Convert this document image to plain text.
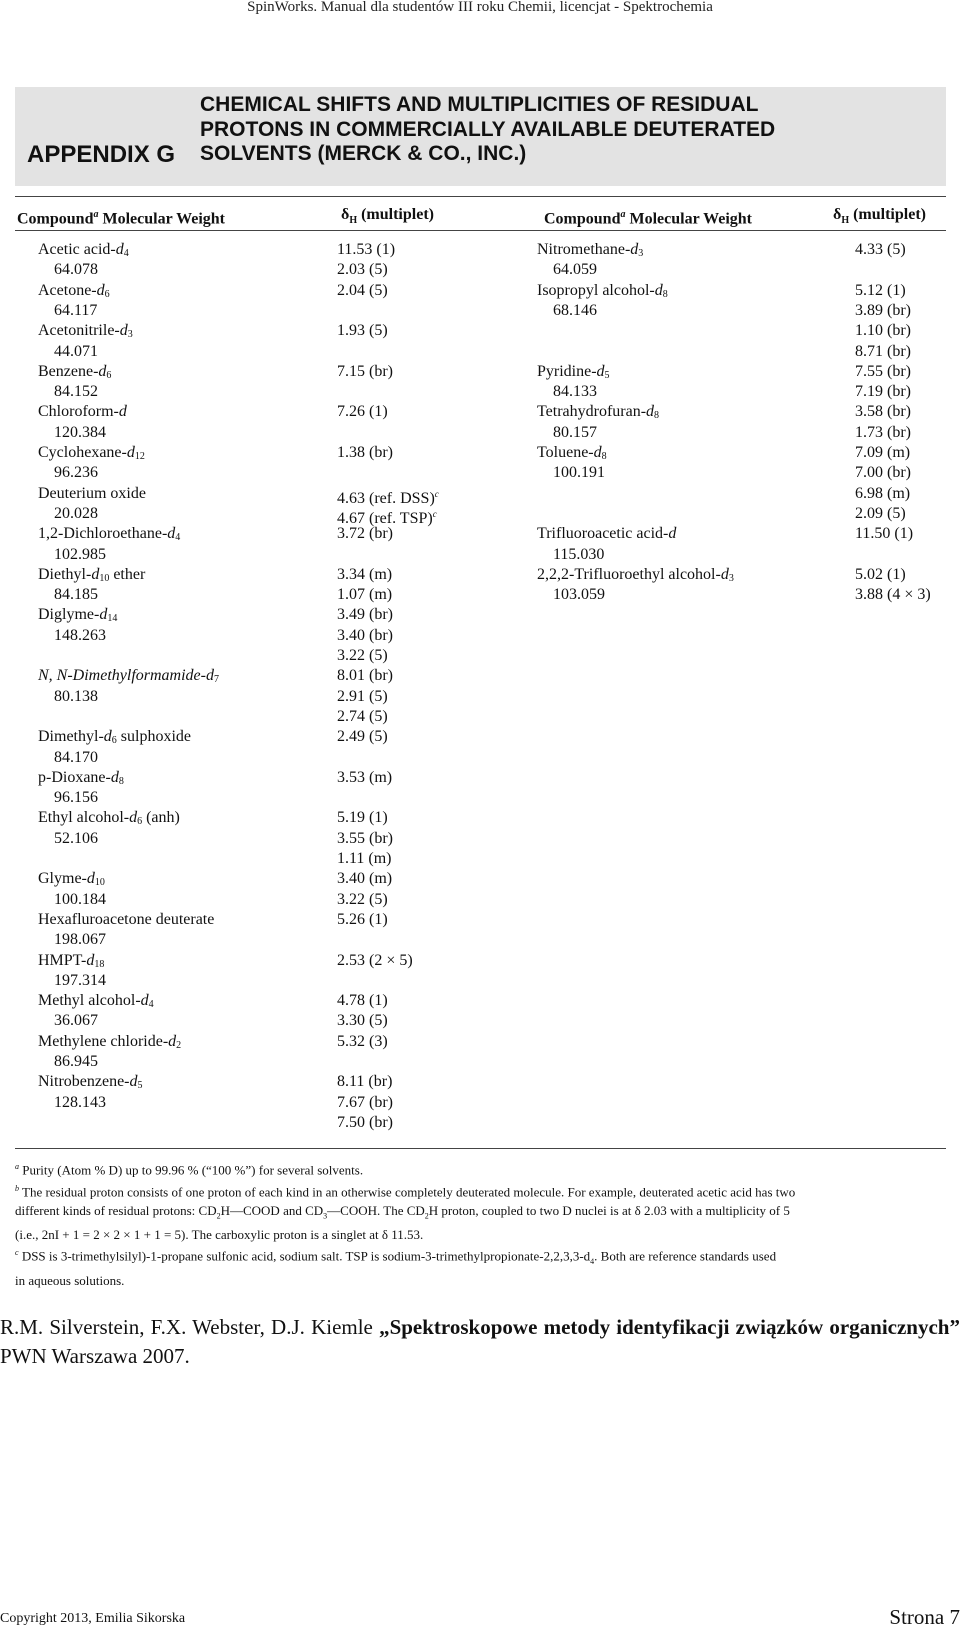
SpinWorks. Manual dla studentów III roku Chemii, licencjat - Spektrochemia
APPENDIX G
CHEMICAL SHIFTS AND MULTIPLICITIES OF RESIDUAL
PROTONS IN COMMERCIALLY AVAILABLE DEUTERATED
SOLVENTS (MERCK & CO., INC.)
Compound$^a$ Molecular Weight	$\delta_H$ (multiplet)	Compound$^a$ Molecular Weight	$\delta_H$ (multiplet)
Acetic acid-$d_4$	11.53 (1)
64.078	2.03 (5)
Acetone-$d_6$	2.04 (5)
64.117
Acetonitrile-$d_3$	1.93 (5)
44.071
Benzene-$d_6$	7.15 (br)
84.152
Chloroform-d	7.26 (1)
120.384
Cyclohexane-$d_{12}$	1.38 (br)
96.236
Deuterium oxide	4.63 (ref. DSS)$^c$
20.028	4.67 (ref. TSP)$^c$
$1,2-Dichloroethane-d_4$	3.72 (br)
102.985
Diethyl-$d_{10}$ ether	3.34 (m)
84.185	1.07 (m)
Diglyme-$d_{14}$	3.49 (br)
148.263	3.40 (br)
3.22 (5)
N, $N-Dimethylformamide-d_7$	8.01 (br)
80.138	2.91 (5)
2.74 (5)
Dimethyl-$d_6$ sulphoxide	2.49 (5)
84.170
$p-Dioxane-d_8$	3.53 (m)
96.156
Ethyl alcohol-$d_6$ (anh)	5.19 (1)
52.106	3.55 (br)
1.11 (m)
Glyme-$d_{10}$	3.40 (m)
100.184	3.22 (5)
Hexafluroacetone deuterate	5.26 (1)
198.067
HMPT-$d_{18}$	2.53 (2 × 5)
197.314
Methyl alcohol-$d_4$	4.78 (1)
36.067	3.30 (5)
Methylene chloride-$d_2$	5.32 (3)
86.945
Nitrobenzene-$d_5$	8.11 (br)
128.143	7.67 (br)
7.50 (br)
Nitromethane-$d_3$	4.33 (5)
64.059
Isopropyl alcohol-$d_8$	5.12 (1)
68.146	3.89 (br)
1.10 (br)
8.71 (br)
Pyridine-$d_5$	7.55 (br)
84.133	7.19 (br)
Tetrahydrofuran-$d_8$	3.58 (br)
80.157	1.73 (br)
Toluene-$d_8$	7.09 (m)
100.191	7.00 (br)
6.98 (m)
2.09 (5)
Trifluoroacetic acid-d	11.50 (1)
115.030
2,2,2-Trifluoroethyl alcohol-$d_3$	5.02 (1)
103.059	3.88 (4 × 3)

$^a$ Purity (Atom % D) up to 99.96 % (“100 %”) for several solvents.

$^b$ The residual proton consists of one proton of each kind in an otherwise completely deuterated molecule. For example, deuterated acetic acid has two

different kinds of residual protons: $CD_2H—COOD$ and $CD_3—COOH$. The $CD_2H$ proton, coupled to two D nuclei is at δ 2.03 with a multiplicity of 5

(i.e., 2nI + 1 = 2 × 2 × 1 + 1 = 5). The carboxylic proton is a singlet at δ 11.53.

$^c$ DSS is 3-trimethylsilyl)-1-propane sulfonic acid, sodium salt. TSP is sodium-$3-trimethylpropionate-2,2,3,3-d_4$. Both are reference standards used

in aqueous solutions.

R.M. Silverstein, F.X. Webster, D.J. Kiemle „Spektroskopowe metody identyfikacji związków organicznych” PWN Warszawa 2007.
Copyright 2013, Emilia Sikorska	Strona 7
